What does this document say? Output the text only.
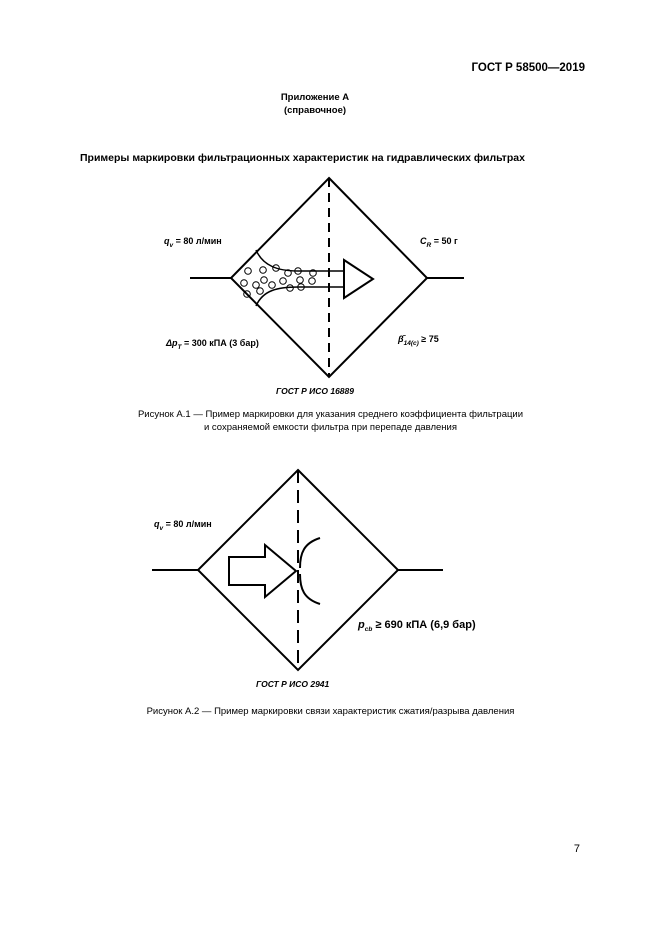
ГОСТ Р 58500—2019
Приложение А
(справочное)
Примеры маркировки фильтрационных характеристик на гидравлических фильтрах
$q_v = 80$ л/мин	$C_R = 50$ г
$\Delta p_T = 300$ кПА (3 бар)	$\betā_{14(c)} \ge 75$
ГОСТ Р ИСО 16889
Рисунок А.1 — Пример маркировки для указания среднего коэффициента фильтрации
и сохраняемой емкости фильтра при перепаде давления
$q_v = 80$ л/мин
$p_{cb} \ge 690$ кПА (6,9 бар)
ГОСТ Р ИСО 2941
Рисунок А.2 — Пример маркировки связи характеристик сжатия/разрыва давления
7
